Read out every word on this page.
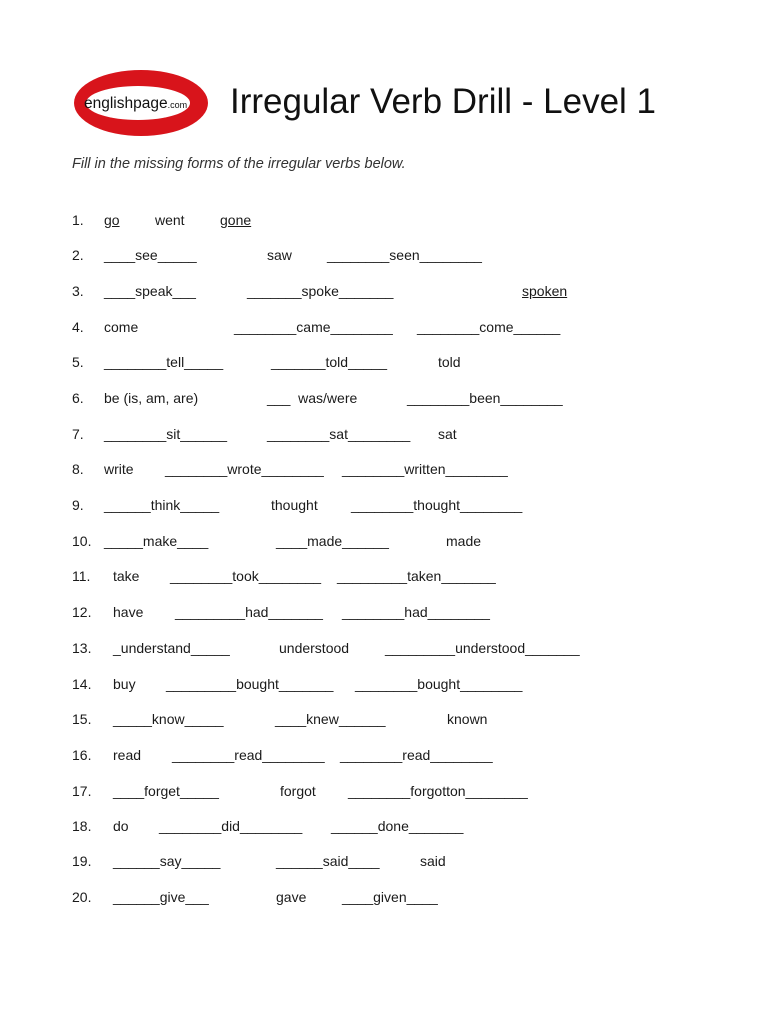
englishpage.com Irregular Verb Drill - Level 1
Fill in the missing forms of the irregular verbs below.
1. go	went	gone
2. ____see_____	saw	________seen________
3. ____speak___	_______spoke_______	spoken
4. come	________came________ ________come______
5. ________tell_____	_______told_____	told
6. be (is, am, are)	___  was/were	________been________
7. ________sit______	________sat________ sat
8. write ________wrote________ ________written________
9. ______think_____	thought ________thought________
10. _____make____	____made______	made
11. take ________took________ _________taken_______
12. have _________had_______ ________had________
13. _understand_____	understood	_________understood_______
14. buy _________bought_______ ________bought________
15. _____know_____	____knew______	known
16. read ________read________ ________read________
17. ____forget_____	forgot ________forgotton________
18. do ________did________ ______done_______
19. ______say_____	______said____	said
20. ______give___	gave	____given____
